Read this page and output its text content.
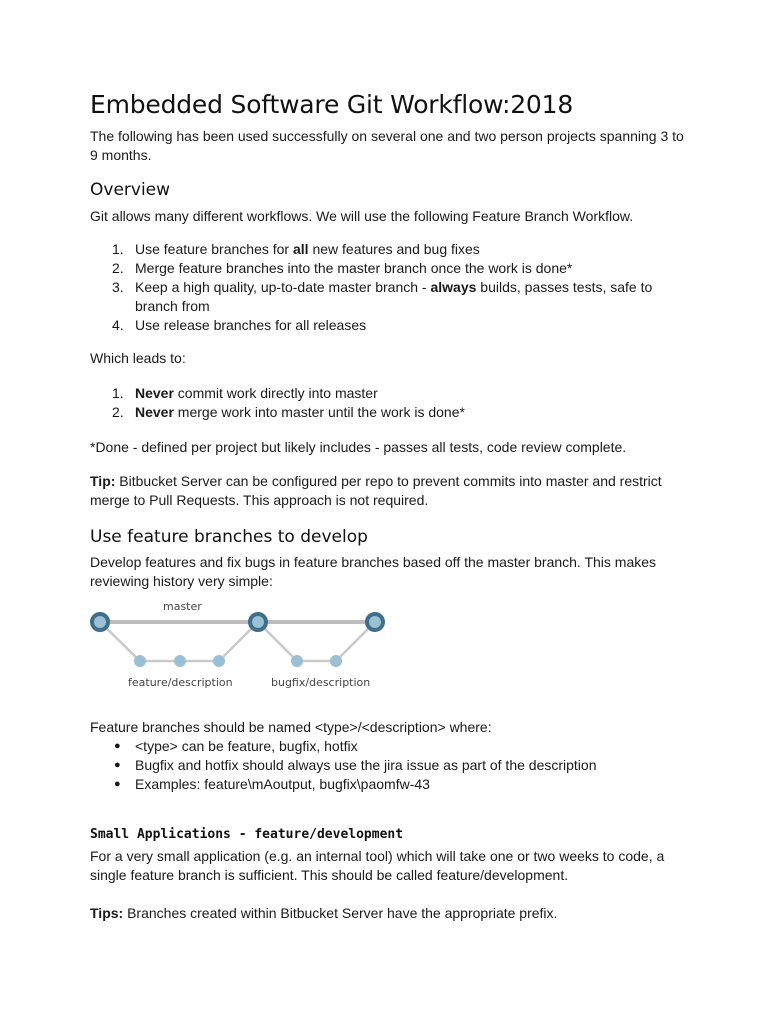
Embedded Software Git Workflow:2018

The following has been used successfully on several one and two person projects spanning 3 to 9 months.

Overview

Git allows many different workflows. We will use the following Feature Branch Workflow.

1. Use feature branches for all new features and bug fixes
2. Merge feature branches into the master branch once the work is done*
3. Keep a high quality, up-to-date master branch - always builds, passes tests, safe to branch from
4. Use release branches for all releases

Which leads to:

1. Never commit work directly into master
2. Never merge work into master until the work is done*

*Done - defined per project but likely includes - passes all tests, code review complete.

Tip: Bitbucket Server can be configured per repo to prevent commits into master and restrict merge to Pull Requests. This approach is not required.

Use feature branches to develop

Develop features and fix bugs in feature branches based off the master branch. This makes reviewing history very simple:

master
feature/description	bugfix/description

Feature branches should be named <type>/<description> where:

● <type> can be feature, bugfix, hotfix
● Bugfix and hotfix should always use the jira issue as part of the description
● Examples: feature\mAoutput, bugfix\paomfw-43
Small Applications - feature/development

For a very small application (e.g. an internal tool) which will take one or two weeks to code, a single feature branch is sufficient. This should be called feature/development.

Tips: Branches created within Bitbucket Server have the appropriate prefix.
